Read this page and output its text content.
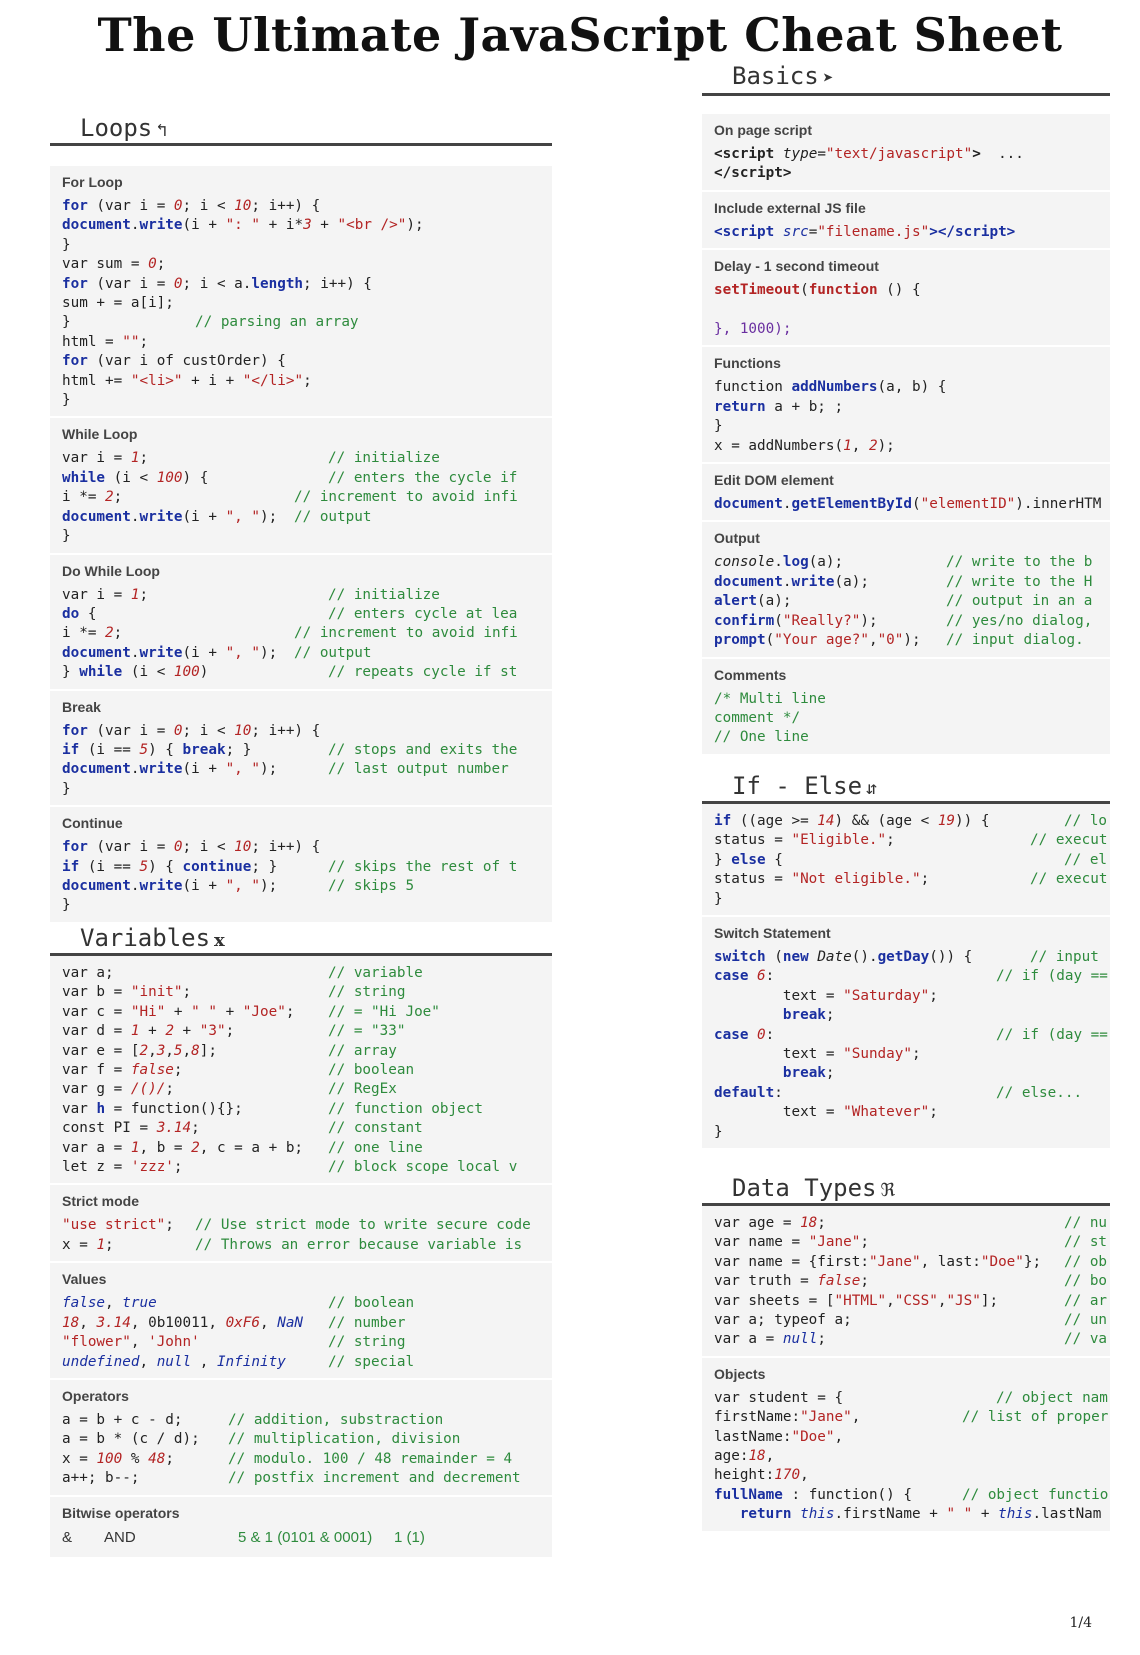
The Ultimate JavaScript Cheat Sheet
Loops ↰
For Loop
for (var i = 0; i < 10; i++) {
document.write(i + ": " + i*3 + "<br />");
}
var sum = 0;
for (var i = 0; i < a.length; i++) {
sum + = a[i];
}	// parsing an array
html = "";
for (var i of custOrder) {
html += "<li>" + i + "</li>";
}
While Loop
var i = 1;	// initialize
while (i < 100) {	// enters the cycle if
i *= 2;	// increment to avoid infi
document.write(i + ", "); // output
}
Do While Loop
var i = 1;	// initialize
do {	// enters cycle at lea
i *= 2;	// increment to avoid infi
document.write(i + ", "); // output
} while (i < 100)	// repeats cycle if st
Break
for (var i = 0; i < 10; i++) {
if (i == 5) { break; }	// stops and exits the
document.write(i + ", ");	// last output number
}
Continue
for (var i = 0; i < 10; i++) {
if (i == 5) { continue; }	// skips the rest of t
document.write(i + ", ");	// skips 5
}
Variables x
var a;	// variable
var b = "init";	// string
var c = "Hi" + " " + "Joe"; // = "Hi Joe"
var d = 1 + 2 + "3";	// = "33"
var e = [2,3,5,8];	// array
var f = false;	// boolean
var g = /()/;	// RegEx
var h = function(){};	// function object
const PI = 3.14;	// constant
var a = 1, b = 2, c = a + b; // one line
let z = 'zzz';	// block scope local v
Strict mode
"use strict"; // Use strict mode to write secure code
x = 1;	// Throws an error because variable is
Values
false, true	// boolean
18, 3.14, 0b10011, 0xF6, NaN // number
"flower", 'John'	// string
undefined, null , Infinity	// special
Operators
a = b + c - d;	// addition, substraction
a = b * (c / d); // multiplication, division
x = 100 % 48;	// modulo. 100 / 48 remainder = 4
a++; b--;	// postfix increment and decrement
Bitwise operators
&	AND	5 & 1 (0101 & 0001)	1 (1)
Basics ➤
On page script
<script type="text/javascript">  ...
</script>
Include external JS file
<script src="filename.js"></script>
Delay - 1 second timeout
setTimeout(function () {

}, 1000);
Functions
function addNumbers(a, b) {
return a + b; ;
}
x = addNumbers(1, 2);
Edit DOM element
document.getElementById("elementID").innerHTM
Output
console.log(a);	// write to the b
document.write(a);	// write to the H
alert(a);	// output in an a
confirm("Really?");	// yes/no dialog,
prompt("Your age?","0"); // input dialog.
Comments
/* Multi line
comment */
// One line
If - Else ⇵
if ((age >= 14) && (age < 19)) {	// lo
status = "Eligible.";	// execut
} else {	// el
status = "Not eligible.";	// execut
}
Switch Statement
switch (new Date().getDay()) {	// input
case 6:	// if (day ==
text = "Saturday";
break;
case 0:	// if (day ==
text = "Sunday";
break;
default:	// else...
text = "Whatever";
}
Data Types ℜ
var age = 18;	// nu
var name = "Jane";	// st
var name = {first:"Jane", last:"Doe"}; // ob
var truth = false;	// bo
var sheets = ["HTML","CSS","JS"];	// ar
var a; typeof a;	// un
var a = null;	// va
Objects
var student = {	// object nam
firstName:"Jane",	// list of proper
lastName:"Doe",
age:18,
height:170,
fullName : function() {	// object functio
return this.firstName + " " + this.lastNam
1/4
